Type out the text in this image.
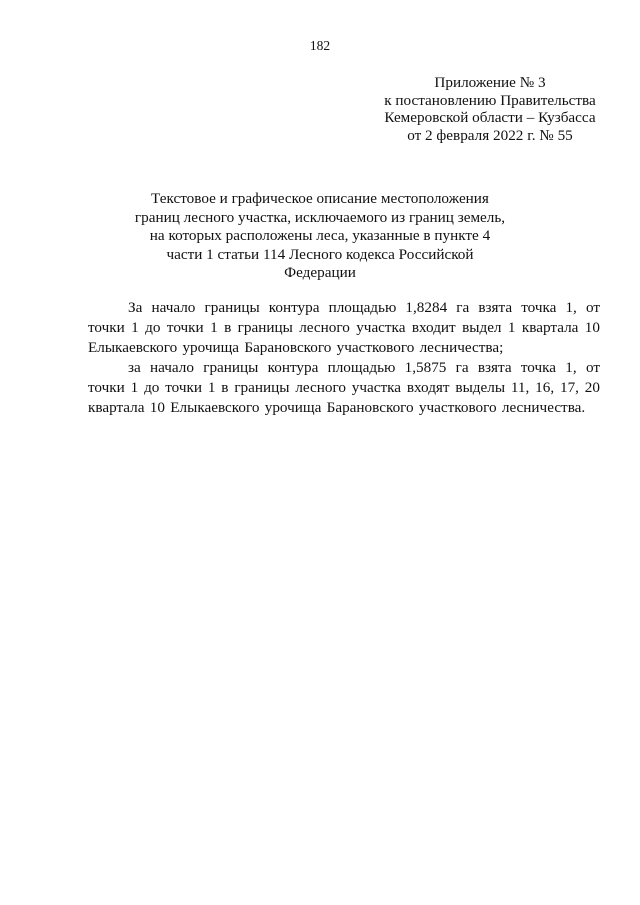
182
Приложение № 3
к постановлению Правительства
Кемеровской области – Кузбасса
от 2 февраля 2022 г. № 55
Текстовое и графическое описание местоположения
границ лесного участка, исключаемого из границ земель,
на которых расположены леса, указанные в пункте 4
части 1 статьи 114 Лесного кодекса Российской
Федерации

За начало границы контура площадью 1,8284 га взята точка 1, от точки 1 до точки 1 в границы лесного участка входит выдел 1 квартала 10 Елыкаевского урочища Барановского участкового лесничества;

за начало границы контура площадью 1,5875 га взята точка 1, от точки 1 до точки 1 в границы лесного участка входят выделы 11, 16, 17, 20 квартала 10 Елыкаевского урочища Барановского участкового лесничества.
